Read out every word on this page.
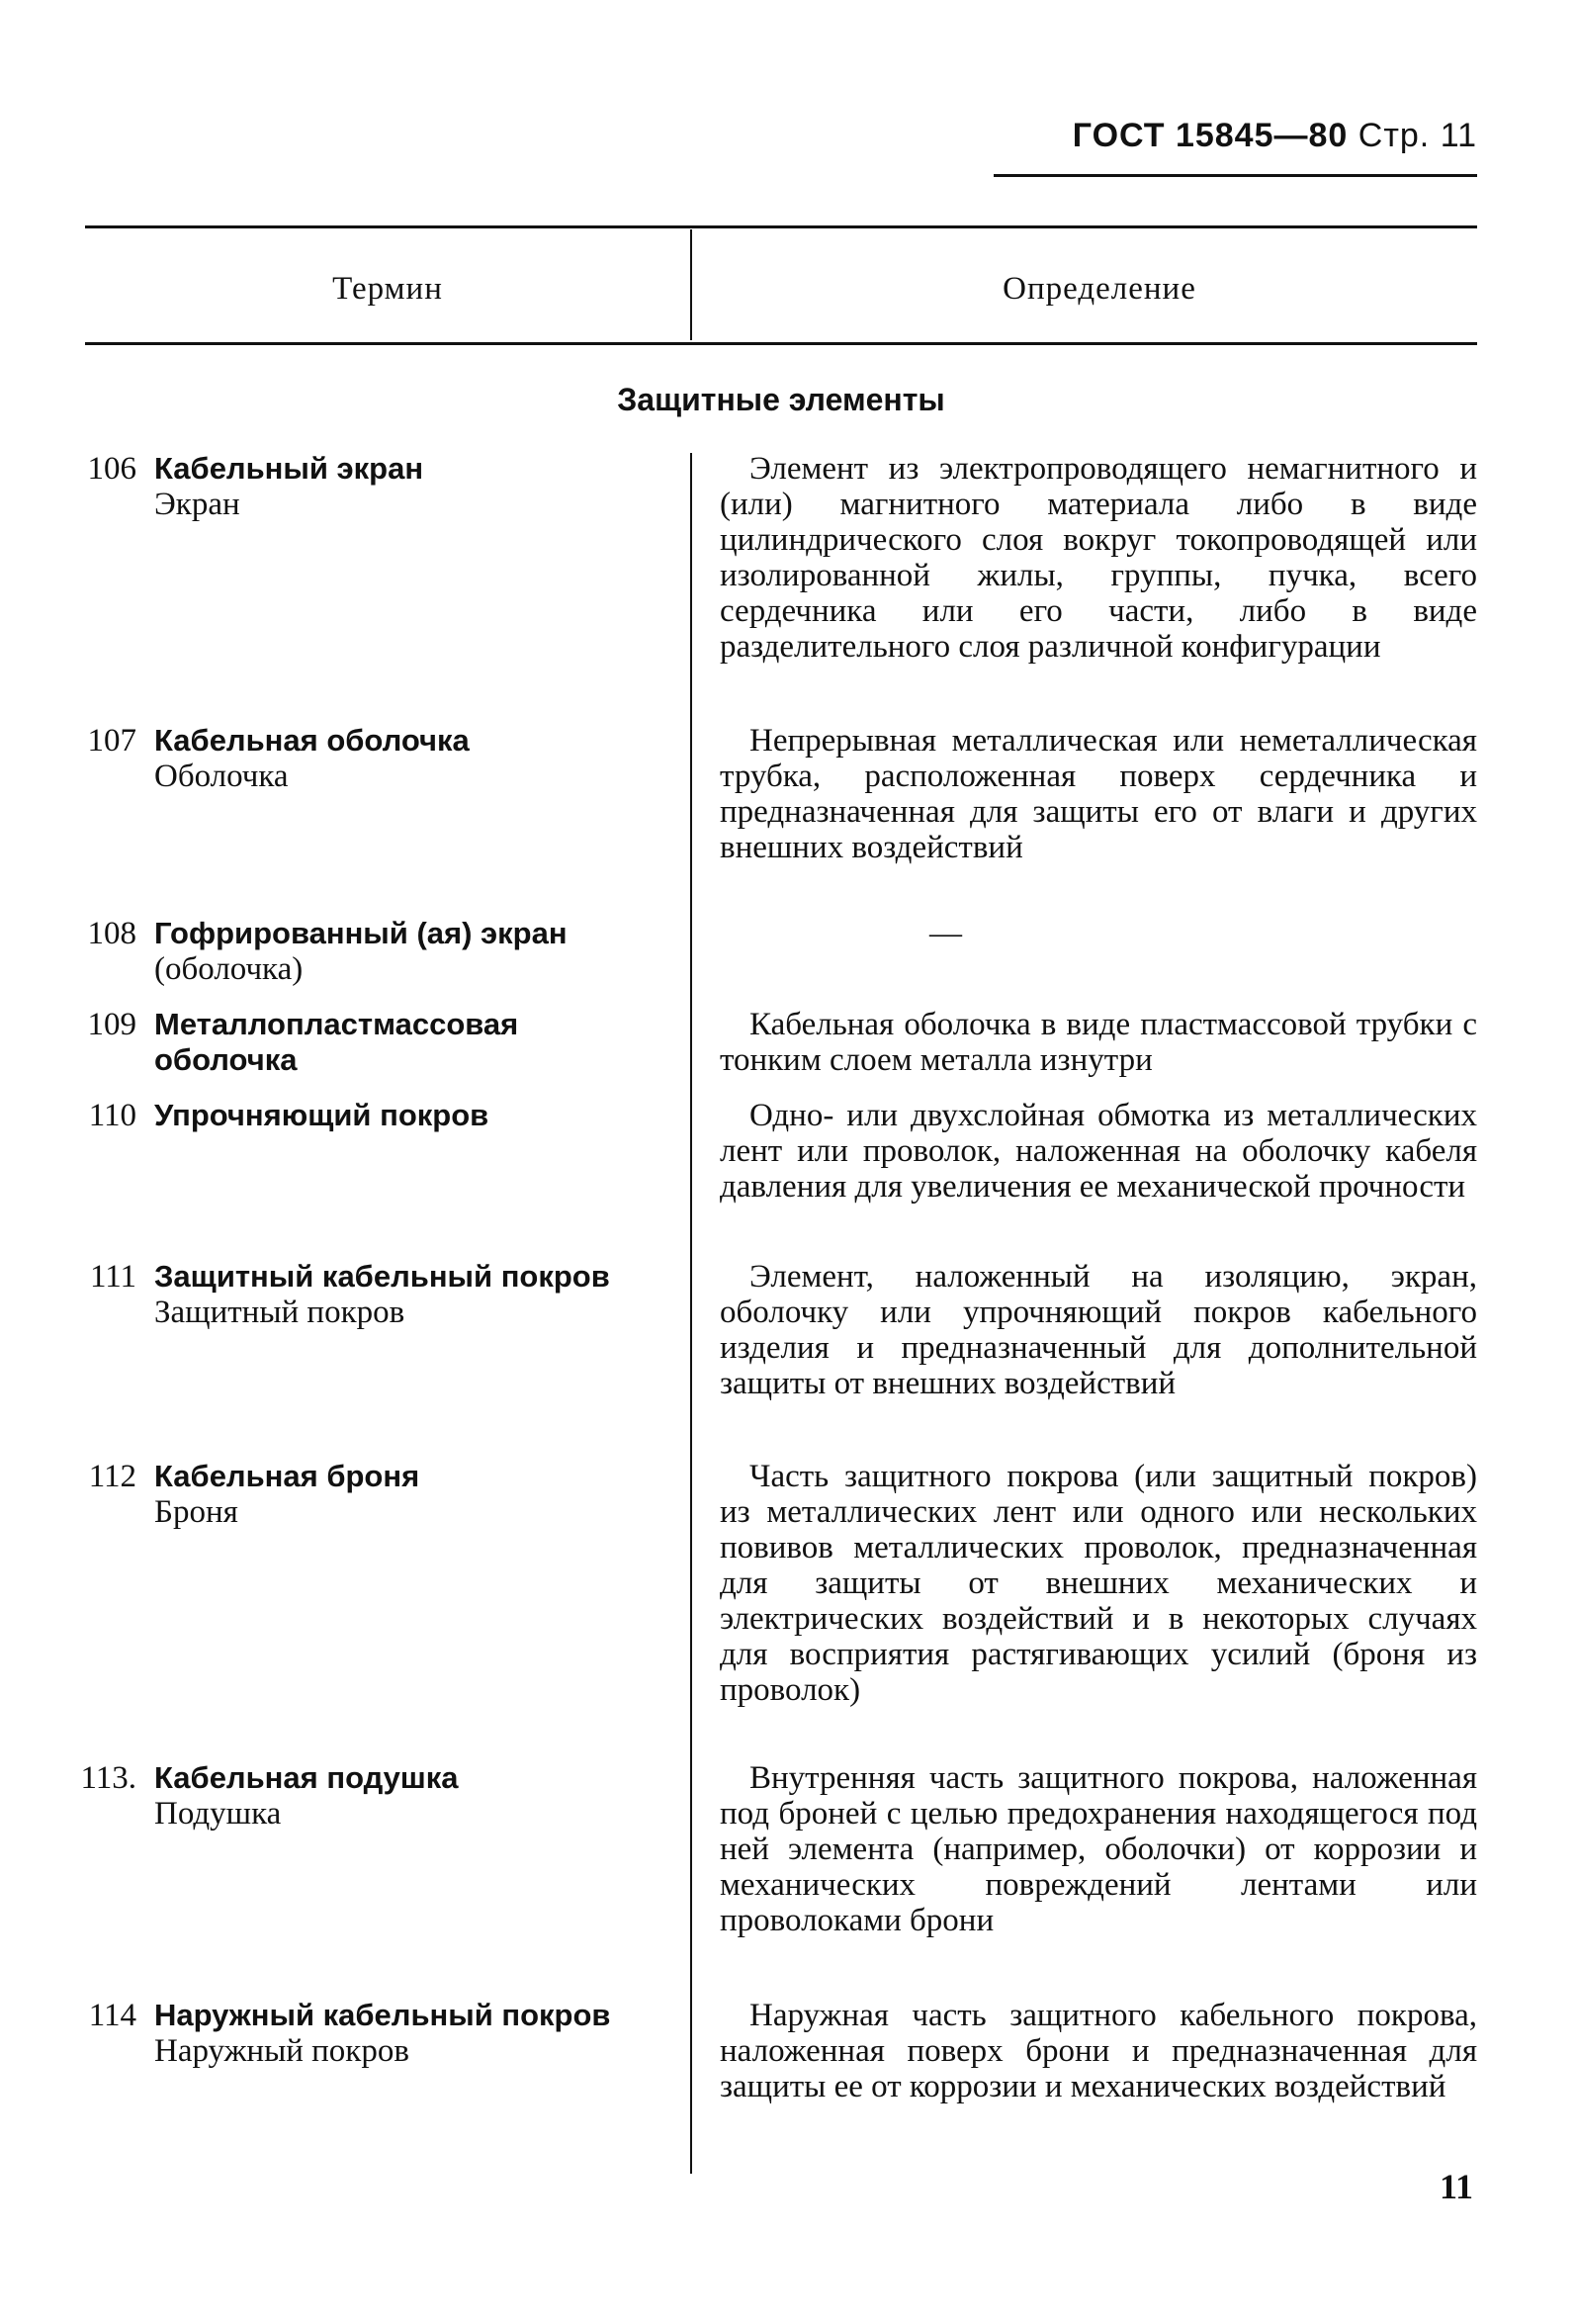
ГОСТ 15845—80 Стр. 11
Термин	Определение
Защитные элементы
106 Кабельный экран
Экран
Элемент из электропроводящего немагнитного и (или) магнитного материала либо в виде цилиндрического слоя вокруг токопроводящей или изолированной жилы, группы, пучка, всего сердечника или его части, либо в виде разделительного слоя различной конфигурации
107 Кабельная оболочка
Оболочка
Непрерывная металлическая или неметаллическая трубка, расположенная поверх сердечника и предназначенная для защиты его от влаги и других внешних воздействий
108 Гофрированный (ая) экран
(оболочка)
—
109 Металлопластмассовая оболочка
Кабельная оболочка в виде пластмассовой трубки с тонким слоем металла изнутри
110 Упрочняющий покров	Одно- или двухслойная обмотка из металлических лент или проволок, наложенная на оболочку кабеля давления для увеличения ее механической прочности
111 Защитный кабельный покров
Защитный покров
Элемент, наложенный на изоляцию, экран, оболочку или упрочняющий покров кабельного изделия и предназначенный для дополнительной защиты от внешних воздействий
112 Кабельная броня
Броня
Часть защитного покрова (или защитный покров) из металлических лент или одного или нескольких повивов металлических проволок, предназначенная для защиты от внешних механических и электрических воздействий и в некоторых случаях для восприятия растягивающих усилий (броня из проволок)
113. Кабельная подушка
Подушка
Внутренняя часть защитного покрова, наложенная под броней с целью предохранения находящегося под ней элемента (например, оболочки) от коррозии и механических повреждений лентами или проволоками брони
114 Наружный кабельный покров
Наружный покров
Наружная часть защитного кабельного покрова, наложенная поверх брони и предназначенная для защиты ее от коррозии и механических воздействий
11
